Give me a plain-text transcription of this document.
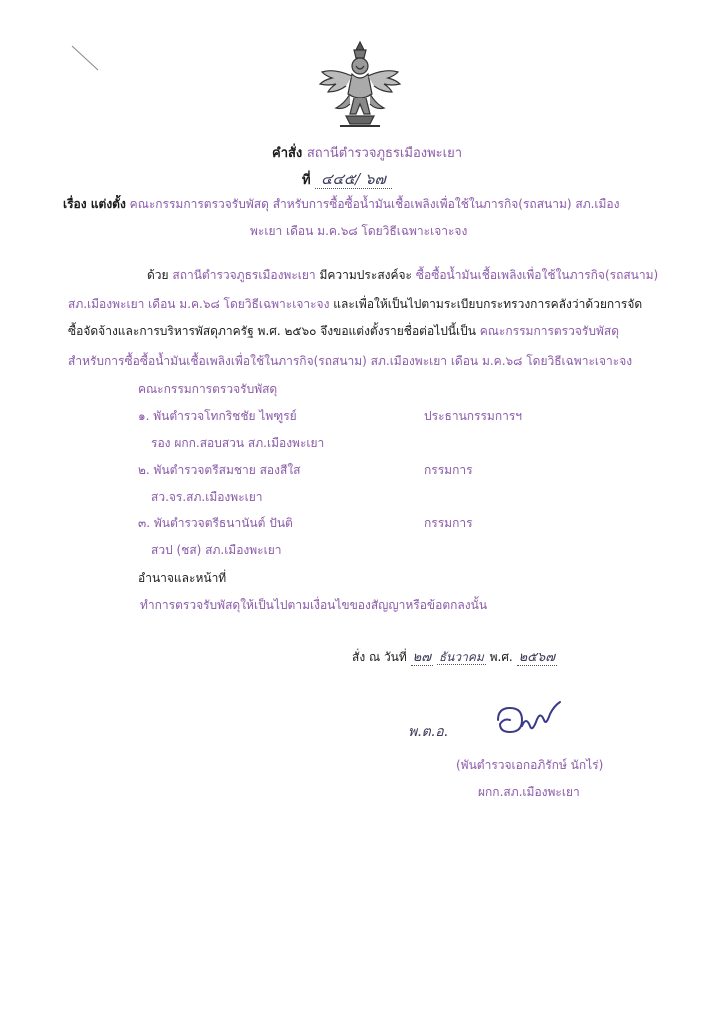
คำสั่ง สถานีตำรวจภูธรเมืองพะเยา
ที่ ๔๔๕/ ๖๗
เรื่อง แต่งตั้ง คณะกรรมการตรวจรับพัสดุ สำหรับการซื้อซื้อน้ำมันเชื้อเพลิงเพื่อใช้ในภารกิจ(รถสนาม) สภ.เมือง
พะเยา เดือน ม.ค.๖๘ โดยวิธีเฉพาะเจาะจง
ด้วย สถานีตำรวจภูธรเมืองพะเยา มีความประสงค์จะ ซื้อซื้อน้ำมันเชื้อเพลิงเพื่อใช้ในภารกิจ(รถสนาม)
สภ.เมืองพะเยา เดือน ม.ค.๖๘ โดยวิธีเฉพาะเจาะจง และเพื่อให้เป็นไปตามระเบียบกระทรวงการคลังว่าด้วยการจัด
ซื้อจัดจ้างและการบริหารพัสดุภาครัฐ พ.ศ. ๒๕๖๐ จึงขอแต่งตั้งรายชื่อต่อไปนี้เป็น คณะกรรมการตรวจรับพัสดุ
สำหรับการซื้อซื้อน้ำมันเชื้อเพลิงเพื่อใช้ในภารกิจ(รถสนาม) สภ.เมืองพะเยา เดือน ม.ค.๖๘ โดยวิธีเฉพาะเจาะจง
คณะกรรมการตรวจรับพัสดุ
๑. พันตำรวจโทกริชชัย ไพฑูรย์	ประธานกรรมการฯ
รอง ผกก.สอบสวน สภ.เมืองพะเยา
๒. พันตำรวจตรีสมชาย สองสีใส	กรรมการ
สว.จร.สภ.เมืองพะเยา
๓. พันตำรวจตรีธนานันต์ ปันติ	กรรมการ
สวป (ชส) สภ.เมืองพะเยา
อำนาจและหน้าที่
ทำการตรวจรับพัสดุให้เป็นไปตามเงื่อนไขของสัญญาหรือข้อตกลงนั้น
สั่ง ณ วันที่ ๒๗ ธันวาคม พ.ศ. ๒๕๖๗
พ.ต.อ.
(พันตำรวจเอกอภิรักษ์ นักไร่)
ผกก.สภ.เมืองพะเยา
